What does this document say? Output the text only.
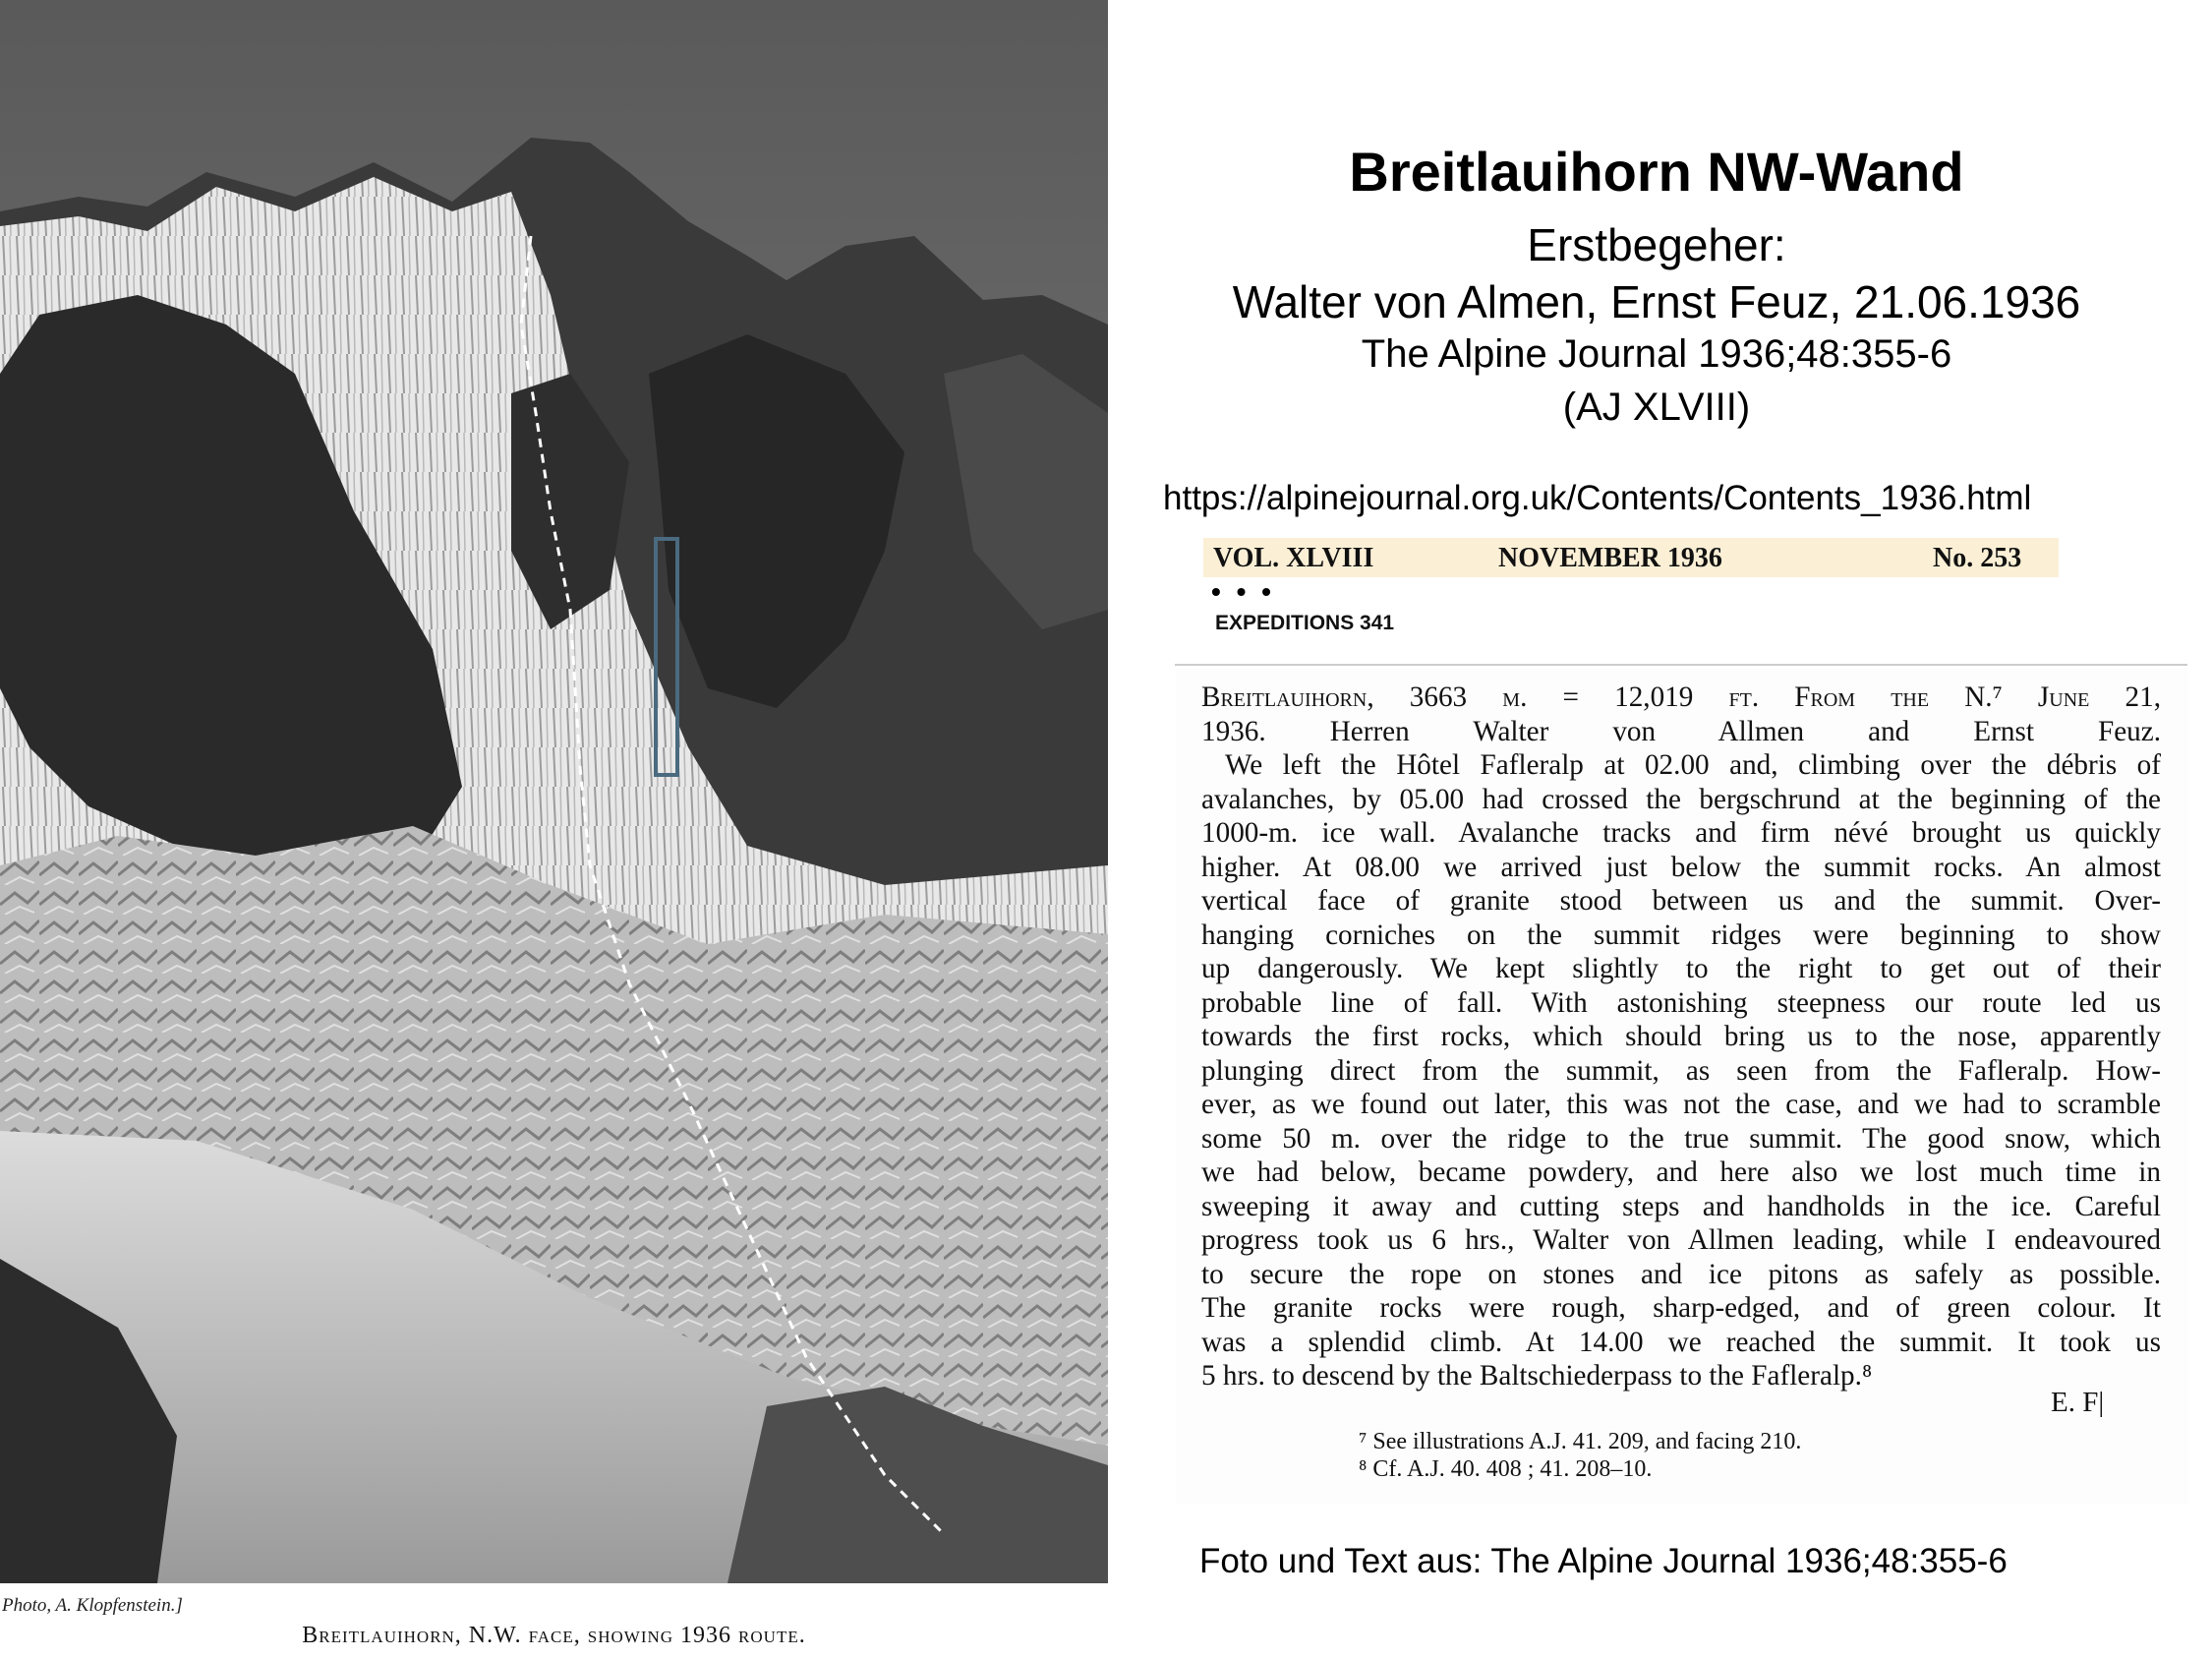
Photo, A. Klopfenstein.]
Breitlauihorn, N.W. face, showing 1936 route.
Breitlauihorn NW-Wand
Erstbegeher:
Walter von Almen, Ernst Feuz, 21.06.1936
The Alpine Journal 1936;48:355-6
(AJ XLVIII)
https://alpinejournal.org.uk/Contents/Contents_1936.html
VOL. XLVIII	NOVEMBER 1936	No. 253
• • •
EXPEDITIONS 341
Breitlauihorn, 3663 m. = 12,019 ft. From the N.⁷ June 21,
1936. Herren Walter von Allmen and Ernst Feuz.
We left the Hôtel Fafleralp at 02.00 and, climbing over the débris of
avalanches, by 05.00 had crossed the bergschrund at the beginning of the
1000-m. ice wall. Avalanche tracks and firm névé brought us quickly
higher. At 08.00 we arrived just below the summit rocks. An almost
vertical face of granite stood between us and the summit. Over-
hanging corniches on the summit ridges were beginning to show
up dangerously. We kept slightly to the right to get out of their
probable line of fall. With astonishing steepness our route led us
towards the first rocks, which should bring us to the nose, apparently
plunging direct from the summit, as seen from the Fafleralp. How-
ever, as we found out later, this was not the case, and we had to scramble
some 50 m. over the ridge to the true summit. The good snow, which
we had below, became powdery, and here also we lost much time in
sweeping it away and cutting steps and handholds in the ice. Careful
progress took us 6 hrs., Walter von Allmen leading, while I endeavoured
to secure the rope on stones and ice pitons as safely as possible.
The granite rocks were rough, sharp-edged, and of green colour. It
was a splendid climb. At 14.00 we reached the summit. It took us
5 hrs. to descend by the Baltschiederpass to the Fafleralp.⁸
E. F|
⁷ See illustrations A.J. 41. 209, and facing 210.
⁸ Cf. A.J. 40. 408 ; 41. 208–10.
Foto und Text aus: The Alpine Journal 1936;48:355-6
